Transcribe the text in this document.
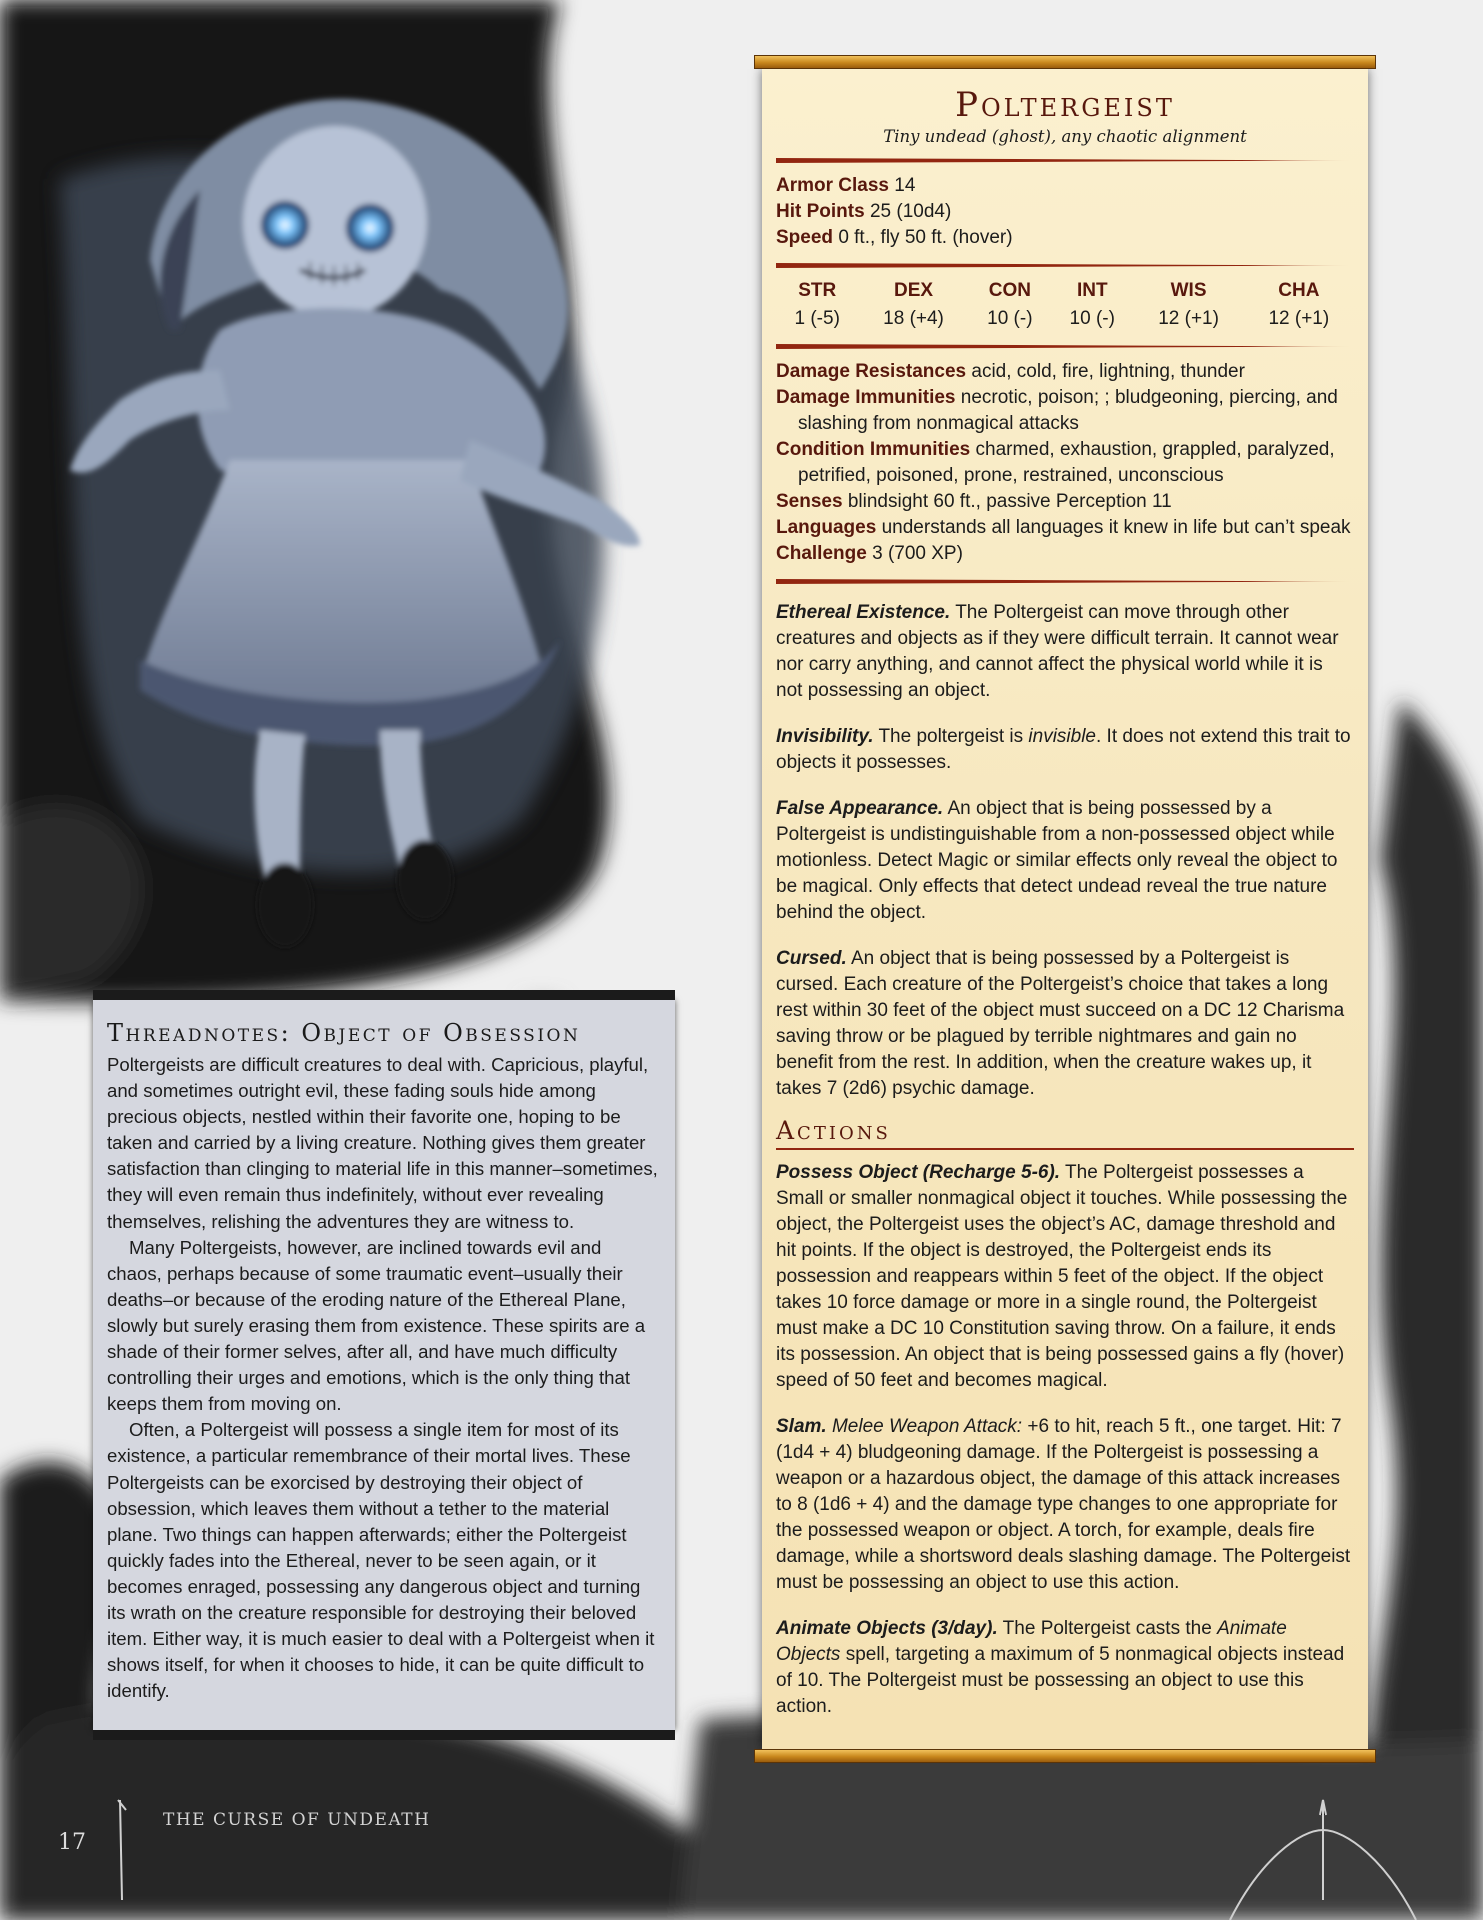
Poltergeist
Tiny undead (ghost), any chaotic alignment
Armor Class 14
Hit Points 25 (10d4)
Speed 0 ft., fly 50 ft. (hover)
STR	DEX	CON	INT	WIS	CHA
1 (-5)	18 (+4)	10 (-)	10 (-)	12 (+1)	12 (+1)
Damage Resistances acid, cold, fire, lightning, thunder
Damage Immunities necrotic, poison; ; bludgeoning, piercing, and slashing from nonmagical attacks
Condition Immunities charmed, exhaustion, grappled, paralyzed, petrified, poisoned, prone, restrained, unconscious
Senses blindsight 60 ft., passive Perception 11
Languages understands all languages it knew in life but can’t speak
Challenge 3 (700 XP)

Ethereal Existence. The Poltergeist can move through other creatures and objects as if they were difficult terrain. It cannot wear nor carry anything, and cannot affect the physical world while it is not possessing an object.

Invisibility. The poltergeist is invisible. It does not extend this trait to objects it possesses.

False Appearance. An object that is being possessed by a Poltergeist is undistinguishable from a non-possessed object while motionless. Detect Magic or similar effects only reveal the object to be magical. Only effects that detect undead reveal the true nature behind the object.

Cursed. An object that is being possessed by a Poltergeist is cursed. Each creature of the Poltergeist’s choice that takes a long rest within 30 feet of the object must succeed on a DC 12 Charisma saving throw or be plagued by terrible nightmares and gain no benefit from the rest. In addition, when the creature wakes up, it takes 7 (2d6) psychic damage.

Actions

Possess Object (Recharge 5-6). The Poltergeist possesses a Small or smaller nonmagical object it touches. While possessing the object, the Poltergeist uses the object’s AC, damage threshold and hit points. If the object is destroyed, the Poltergeist ends its possession and reappears within 5 feet of the object. If the object takes 10 force damage or more in a single round, the Poltergeist must make a DC 10 Constitution saving throw. On a failure, it ends its possession. An object that is being possessed gains a fly (hover) speed of 50 feet and becomes magical.

Slam. Melee Weapon Attack: +6 to hit, reach 5 ft., one target. Hit: 7 (1d4 + 4) bludgeoning damage. If the Poltergeist is possessing a weapon or a hazardous object, the damage of this attack increases to 8 (1d6 + 4) and the damage type changes to one appropriate for the possessed weapon or object. A torch, for example, deals fire damage, while a shortsword deals slashing damage. The Poltergeist must be possessing an object to use this action.

Animate Objects (3/day). The Poltergeist casts the Animate Objects spell, targeting a maximum of 5 nonmagical objects instead of 10. The Poltergeist must be possessing an object to use this action.

Threadnotes: Object of Obsession

Poltergeists are difficult creatures to deal with. Capricious, playful, and sometimes outright evil, these fading souls hide among precious objects, nestled within their favorite one, hoping to be taken and carried by a living creature. Nothing gives them greater satisfaction than clinging to material life in this manner–sometimes, they will even remain thus indefinitely, without ever revealing themselves, relishing the adventures they are witness to.

Many Poltergeists, however, are inclined towards evil and chaos, perhaps because of some traumatic event–usually their deaths–or because of the eroding nature of the Ethereal Plane, slowly but surely erasing them from existence. These spirits are a shade of their former selves, after all, and have much difficulty controlling their urges and emotions, which is the only thing that keeps them from moving on.

Often, a Poltergeist will possess a single item for most of its existence, a particular remembrance of their mortal lives. These Poltergeists can be exorcised by destroying their object of obsession, which leaves them without a tether to the material plane. Two things can happen afterwards; either the Poltergeist quickly fades into the Ethereal, never to be seen again, or it becomes enraged, possessing any dangerous object and turning its wrath on the creature responsible for destroying their beloved item. Either way, it is much easier to deal with a Poltergeist when it shows itself, for when it chooses to hide, it can be quite difficult to identify.

THE CURSE OF UNDEATH
17
